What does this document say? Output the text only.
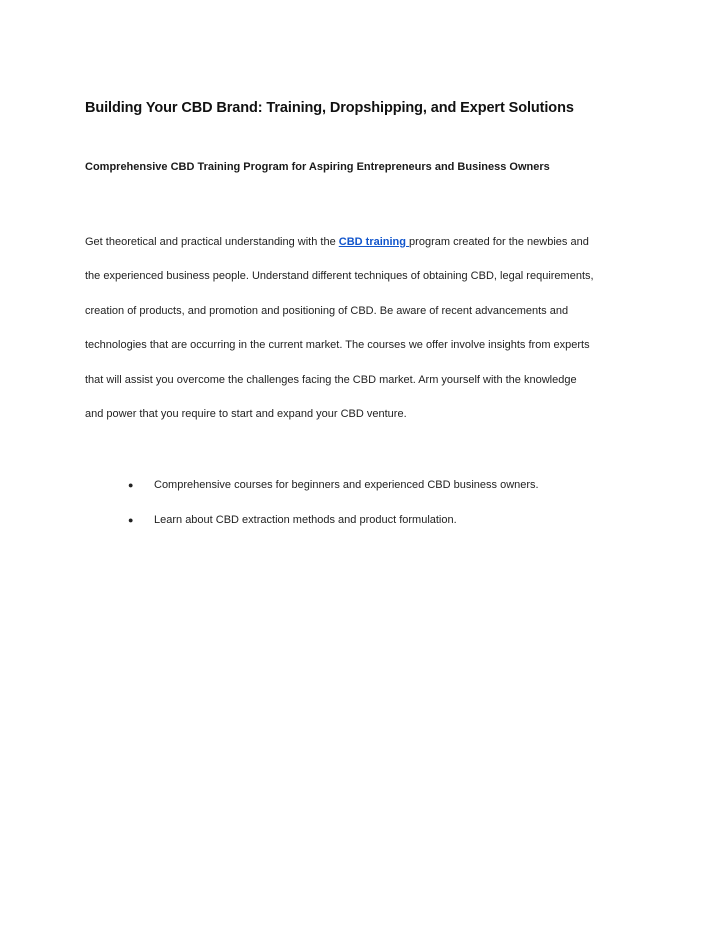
Building Your CBD Brand: Training, Dropshipping, and Expert Solutions
Comprehensive CBD Training Program for Aspiring Entrepreneurs and Business Owners
Get theoretical and practical understanding with the CBD training program created for the newbies and
the experienced business people. Understand different techniques of obtaining CBD, legal requirements,
creation of products, and promotion and positioning of CBD. Be aware of recent advancements and
technologies that are occurring in the current market. The courses we offer involve insights from experts
that will assist you overcome the challenges facing the CBD market. Arm yourself with the knowledge
and power that you require to start and expand your CBD venture.
●	Comprehensive courses for beginners and experienced CBD business owners.
●	Learn about CBD extraction methods and product formulation.
